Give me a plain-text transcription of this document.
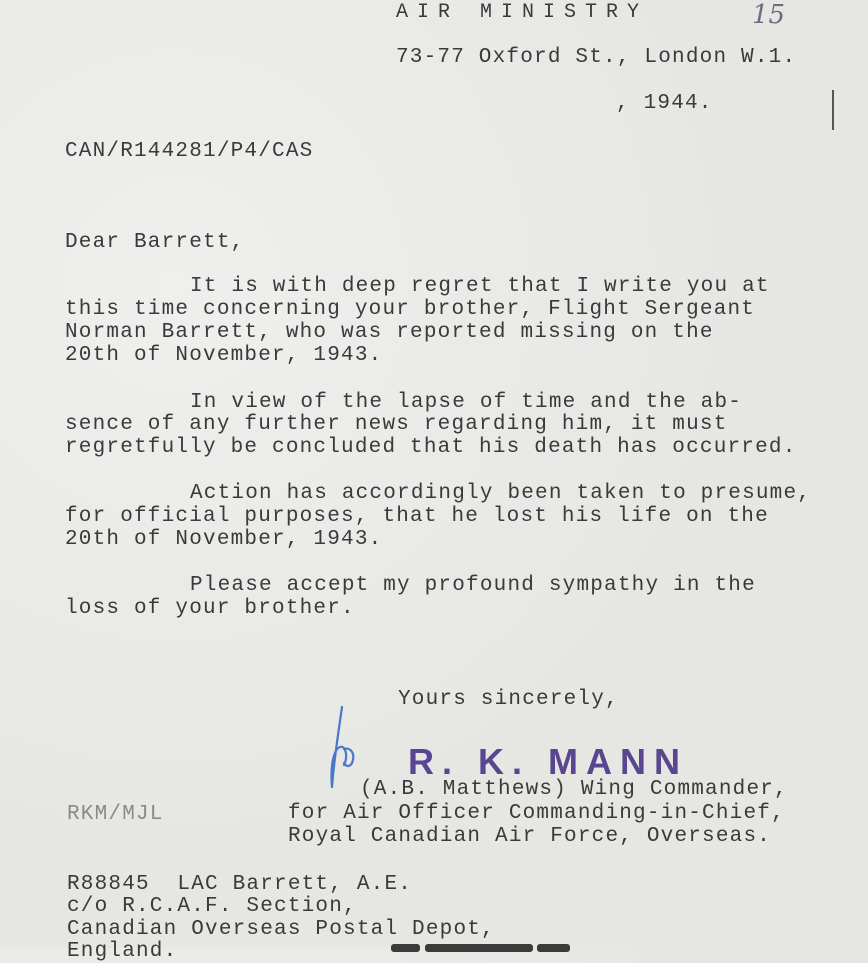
AIR MINISTRY	15
73-77 Oxford St., London W.1.
, 1944.
CAN/R144281/P4/CAS
Dear Barrett,
It is with deep regret that I write you at
this time concerning your brother, Flight Sergeant
Norman Barrett, who was reported missing on the
20th of November, 1943.
In view of the lapse of time and the ab-
sence of any further news regarding him, it must
regretfully be concluded that his death has occurred.
Action has accordingly been taken to presume,
for official purposes, that he lost his life on the
20th of November, 1943.
Please accept my profound sympathy in the
loss of your brother.
Yours sincerely,
R. K. MANN
(A.B. Matthews) Wing Commander,
RKM/MJL	for Air Officer Commanding-in-Chief,
Royal Canadian Air Force, Overseas.
R88845  LAC Barrett, A.E.
c/o R.C.A.F. Section,
Canadian Overseas Postal Depot,
England.
